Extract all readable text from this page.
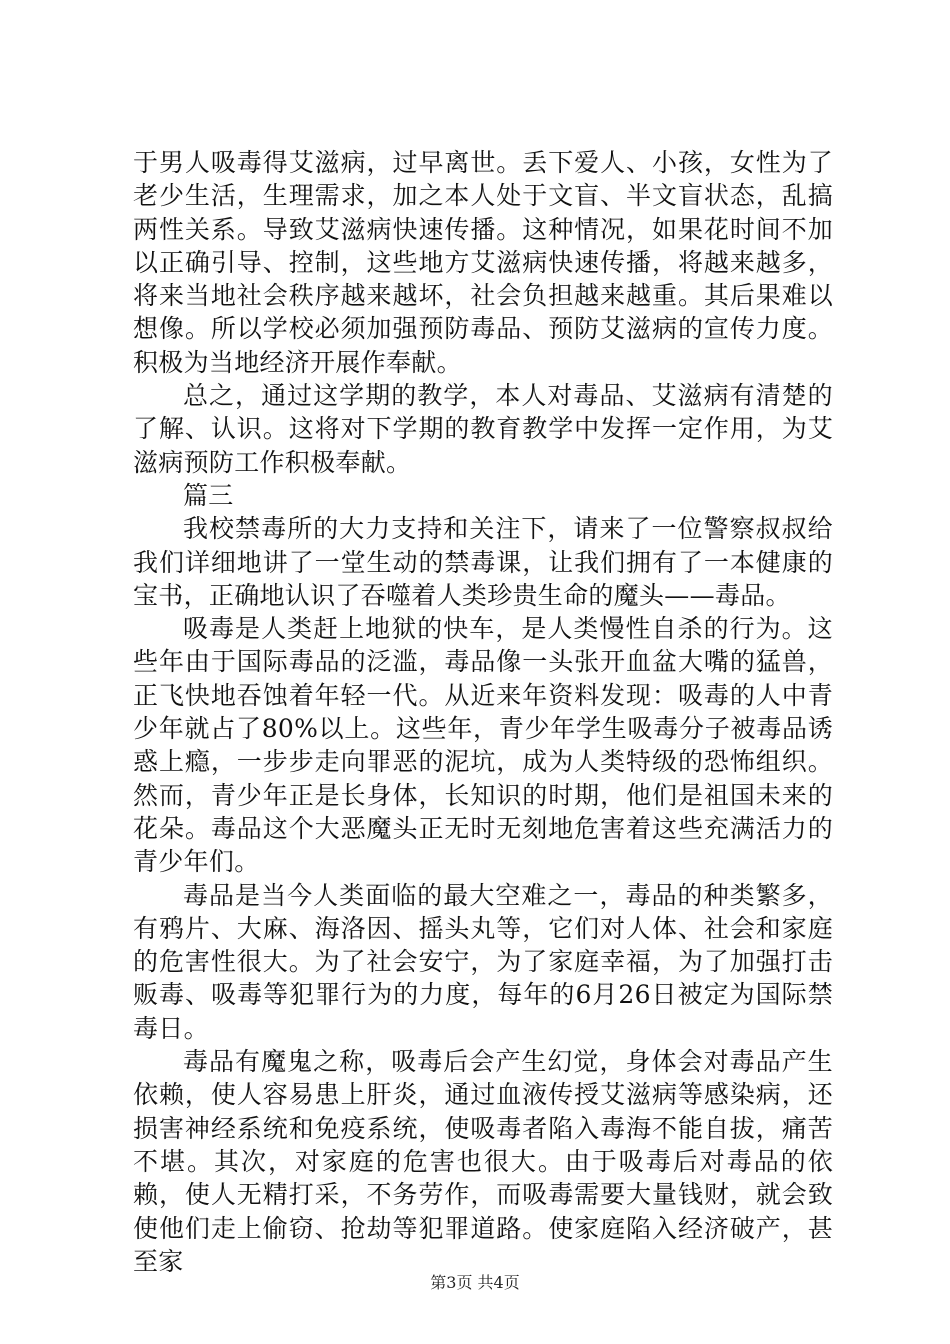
于男人吸毒得艾滋病，过早离世。丢下爱人、小孩，女性为了老少生活，生理需求，加之本人处于文盲、半文盲状态，乱搞两性关系。导致艾滋病快速传播。这种情况，如果花时间不加以正确引导、控制，这些地方艾滋病快速传播，将越来越多，将来当地社会秩序越来越坏，社会负担越来越重。其后果难以想像。所以学校必须加强预防毒品、预防艾滋病的宣传力度。积极为当地经济开展作奉献。

总之，通过这学期的教学，本人对毒品、艾滋病有清楚的了解、认识。这将对下学期的教育教学中发挥一定作用，为艾滋病预防工作积极奉献。

篇三

我校禁毒所的大力支持和关注下，请来了一位警察叔叔给我们详细地讲了一堂生动的禁毒课，让我们拥有了一本健康的宝书，正确地认识了吞噬着人类珍贵生命的魔头——毒品。

吸毒是人类赶上地狱的快车，是人类慢性自杀的行为。这些年由于国际毒品的泛滥，毒品像一头张开血盆大嘴的猛兽，正飞快地吞蚀着年轻一代。从近来年资料发现：吸毒的人中青少年就占了80%以上。这些年，青少年学生吸毒分子被毒品诱惑上瘾，一步步走向罪恶的泥坑，成为人类特级的恐怖组织。然而，青少年正是长身体，长知识的时期，他们是祖国未来的花朵。毒品这个大恶魔头正无时无刻地危害着这些充满活力的青少年们。

毒品是当今人类面临的最大空难之一，毒品的种类繁多，有鸦片、大麻、海洛因、摇头丸等，它们对人体、社会和家庭的危害性很大。为了社会安宁，为了家庭幸福，为了加强打击贩毒、吸毒等犯罪行为的力度，每年的6月26日被定为国际禁毒日。

毒品有魔鬼之称，吸毒后会产生幻觉，身体会对毒品产生依赖，使人容易患上肝炎，通过血液传授艾滋病等感染病，还损害神经系统和免疫系统，使吸毒者陷入毒海不能自拔，痛苦不堪。其次，对家庭的危害也很大。由于吸毒后对毒品的依赖，使人无精打采，不务劳作，而吸毒需要大量钱财，就会致使他们走上偷窃、抢劫等犯罪道路。使家庭陷入经济破产，甚至家

第3页 共4页
